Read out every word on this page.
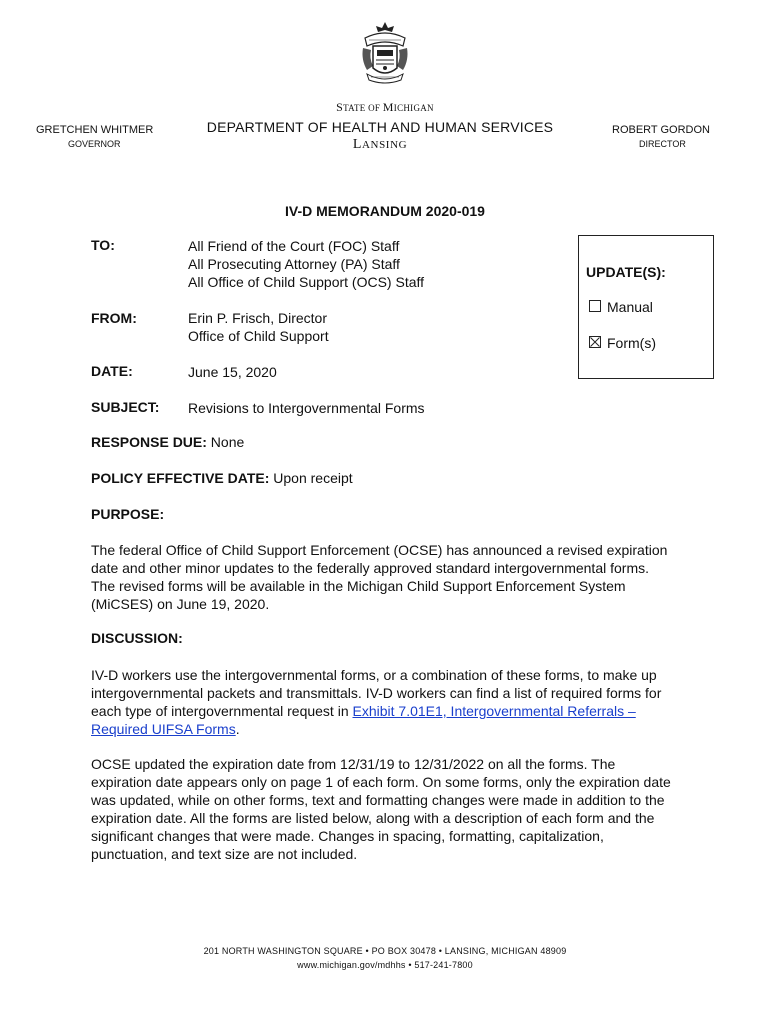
STATE OF MICHIGAN
DEPARTMENT OF HEALTH AND HUMAN SERVICES
LANSING
GRETCHEN WHITMER
GOVERNOR
ROBERT GORDON
DIRECTOR
IV-D MEMORANDUM 2020-019
TO:	All Friend of the Court (FOC) Staff
All Prosecuting Attorney (PA) Staff
All Office of Child Support (OCS) Staff
FROM:	Erin P. Frisch, Director
Office of Child Support
DATE:	June 15, 2020
SUBJECT: Revisions to Intergovernmental Forms
UPDATE(S):
Manual
Form(s)
RESPONSE DUE: None
POLICY EFFECTIVE DATE: Upon receipt
PURPOSE:
The federal Office of Child Support Enforcement (OCSE) has announced a revised expiration date and other minor updates to the federally approved standard intergovernmental forms. The revised forms will be available in the Michigan Child Support Enforcement System (MiCSES) on June 19, 2020.
DISCUSSION:
IV-D workers use the intergovernmental forms, or a combination of these forms, to make up intergovernmental packets and transmittals. IV-D workers can find a list of required forms for each type of intergovernmental request in Exhibit 7.01E1, Intergovernmental Referrals – Required UIFSA Forms.
OCSE updated the expiration date from 12/31/19 to 12/31/2022 on all the forms. The expiration date appears only on page 1 of each form. On some forms, only the expiration date was updated, while on other forms, text and formatting changes were made in addition to the expiration date. All the forms are listed below, along with a description of each form and the significant changes that were made. Changes in spacing, formatting, capitalization, punctuation, and text size are not included.
201 NORTH WASHINGTON SQUARE • PO BOX 30478 • LANSING, MICHIGAN 48909
www.michigan.gov/mdhhs • 517-241-7800
